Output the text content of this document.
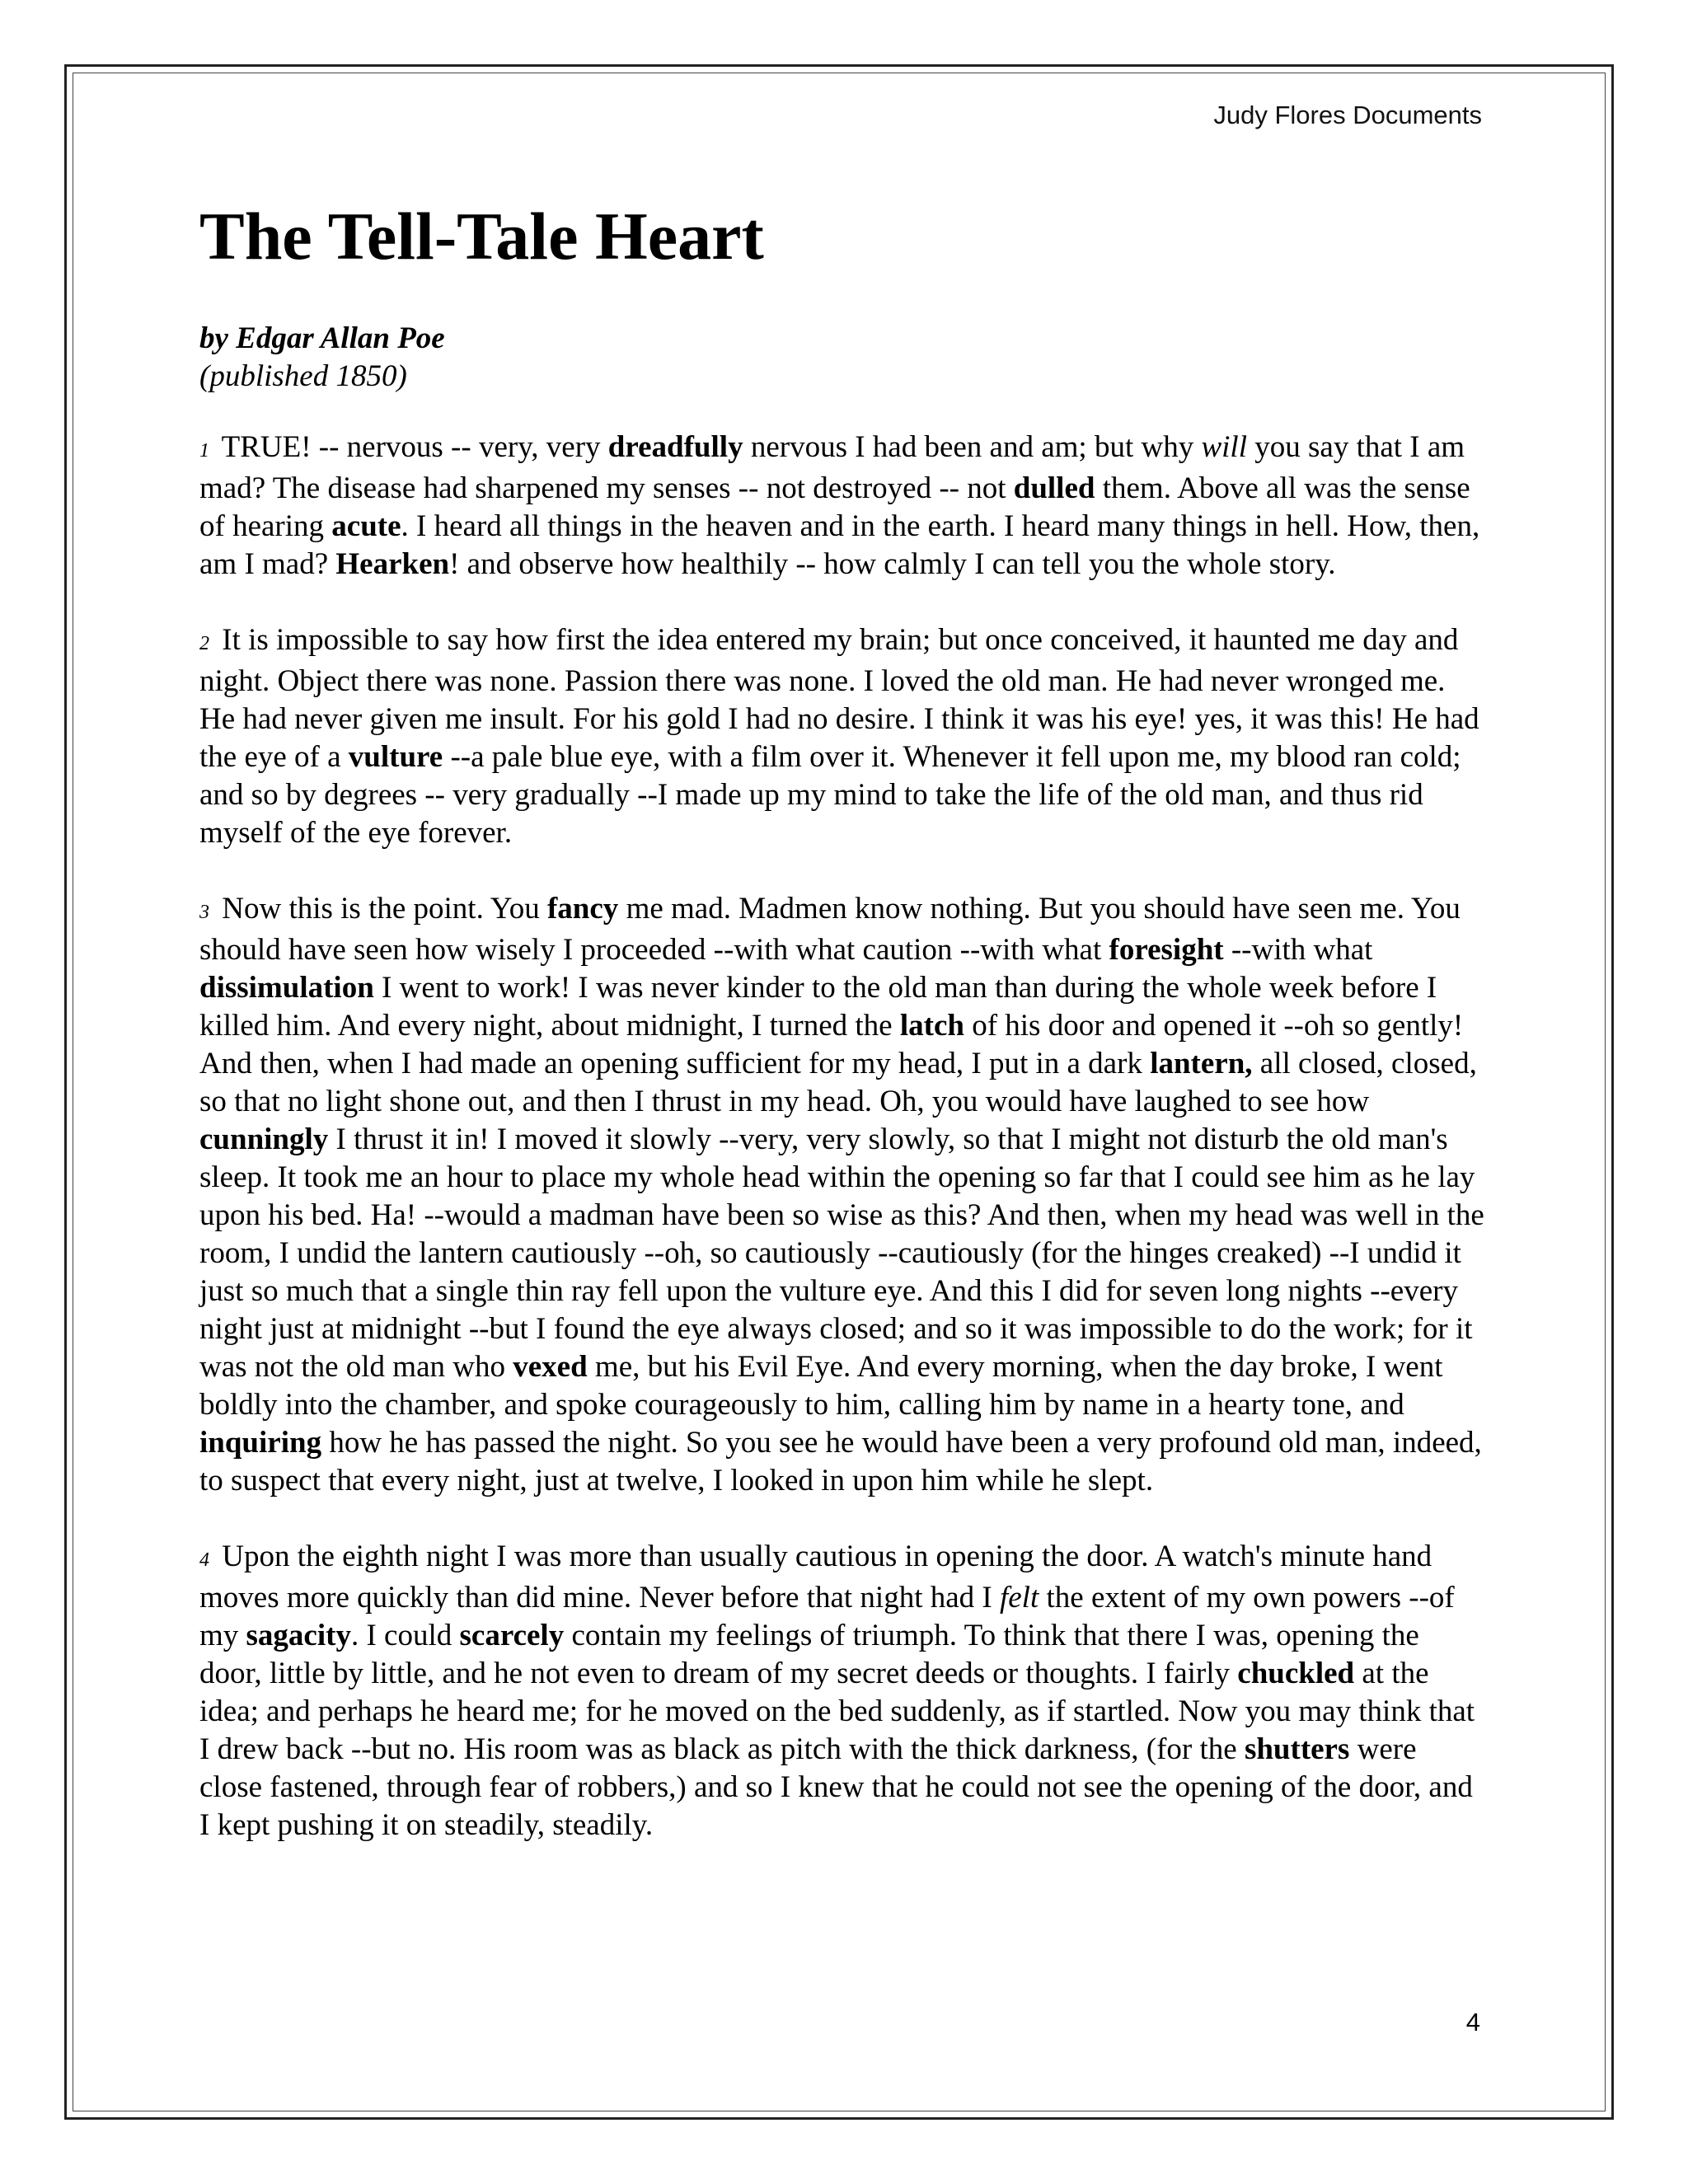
Judy Flores Documents
The Tell-Tale Heart
by Edgar Allan Poe
(published 1850)

1 TRUE! -- nervous -- very, very dreadfully nervous I had been and am; but why will you say that I am mad? The disease had sharpened my senses -- not destroyed -- not dulled them. Above all was the sense of hearing acute. I heard all things in the heaven and in the earth. I heard many things in hell. How, then, am I mad? Hearken! and observe how healthily -- how calmly I can tell you the whole story.

2 It is impossible to say how first the idea entered my brain; but once conceived, it haunted me day and night. Object there was none. Passion there was none. I loved the old man. He had never wronged me. He had never given me insult. For his gold I had no desire. I think it was his eye! yes, it was this! He had the eye of a vulture --a pale blue eye, with a film over it. Whenever it fell upon me, my blood ran cold; and so by degrees -- very gradually --I made up my mind to take the life of the old man, and thus rid myself of the eye forever.

3 Now this is the point. You fancy me mad. Madmen know nothing. But you should have seen me. You should have seen how wisely I proceeded --with what caution --with what foresight --with what dissimulation I went to work! I was never kinder to the old man than during the whole week before I killed him. And every night, about midnight, I turned the latch of his door and opened it --oh so gently! And then, when I had made an opening sufficient for my head, I put in a dark lantern, all closed, closed, so that no light shone out, and then I thrust in my head. Oh, you would have laughed to see how cunningly I thrust it in! I moved it slowly --very, very slowly, so that I might not disturb the old man's sleep. It took me an hour to place my whole head within the opening so far that I could see him as he lay upon his bed. Ha! --would a madman have been so wise as this? And then, when my head was well in the room, I undid the lantern cautiously --oh, so cautiously --cautiously (for the hinges creaked) --I undid it just so much that a single thin ray fell upon the vulture eye. And this I did for seven long nights --every night just at midnight --but I found the eye always closed; and so it was impossible to do the work; for it was not the old man who vexed me, but his Evil Eye. And every morning, when the day broke, I went boldly into the chamber, and spoke courageously to him, calling him by name in a hearty tone, and inquiring how he has passed the night. So you see he would have been a very profound old man, indeed, to suspect that every night, just at twelve, I looked in upon him while he slept.

4 Upon the eighth night I was more than usually cautious in opening the door. A watch's minute hand moves more quickly than did mine. Never before that night had I felt the extent of my own powers --of my sagacity. I could scarcely contain my feelings of triumph. To think that there I was, opening the door, little by little, and he not even to dream of my secret deeds or thoughts. I fairly chuckled at the idea; and perhaps he heard me; for he moved on the bed suddenly, as if startled. Now you may think that I drew back --but no. His room was as black as pitch with the thick darkness, (for the shutters were close fastened, through fear of robbers,) and so I knew that he could not see the opening of the door, and I kept pushing it on steadily, steadily.

4
